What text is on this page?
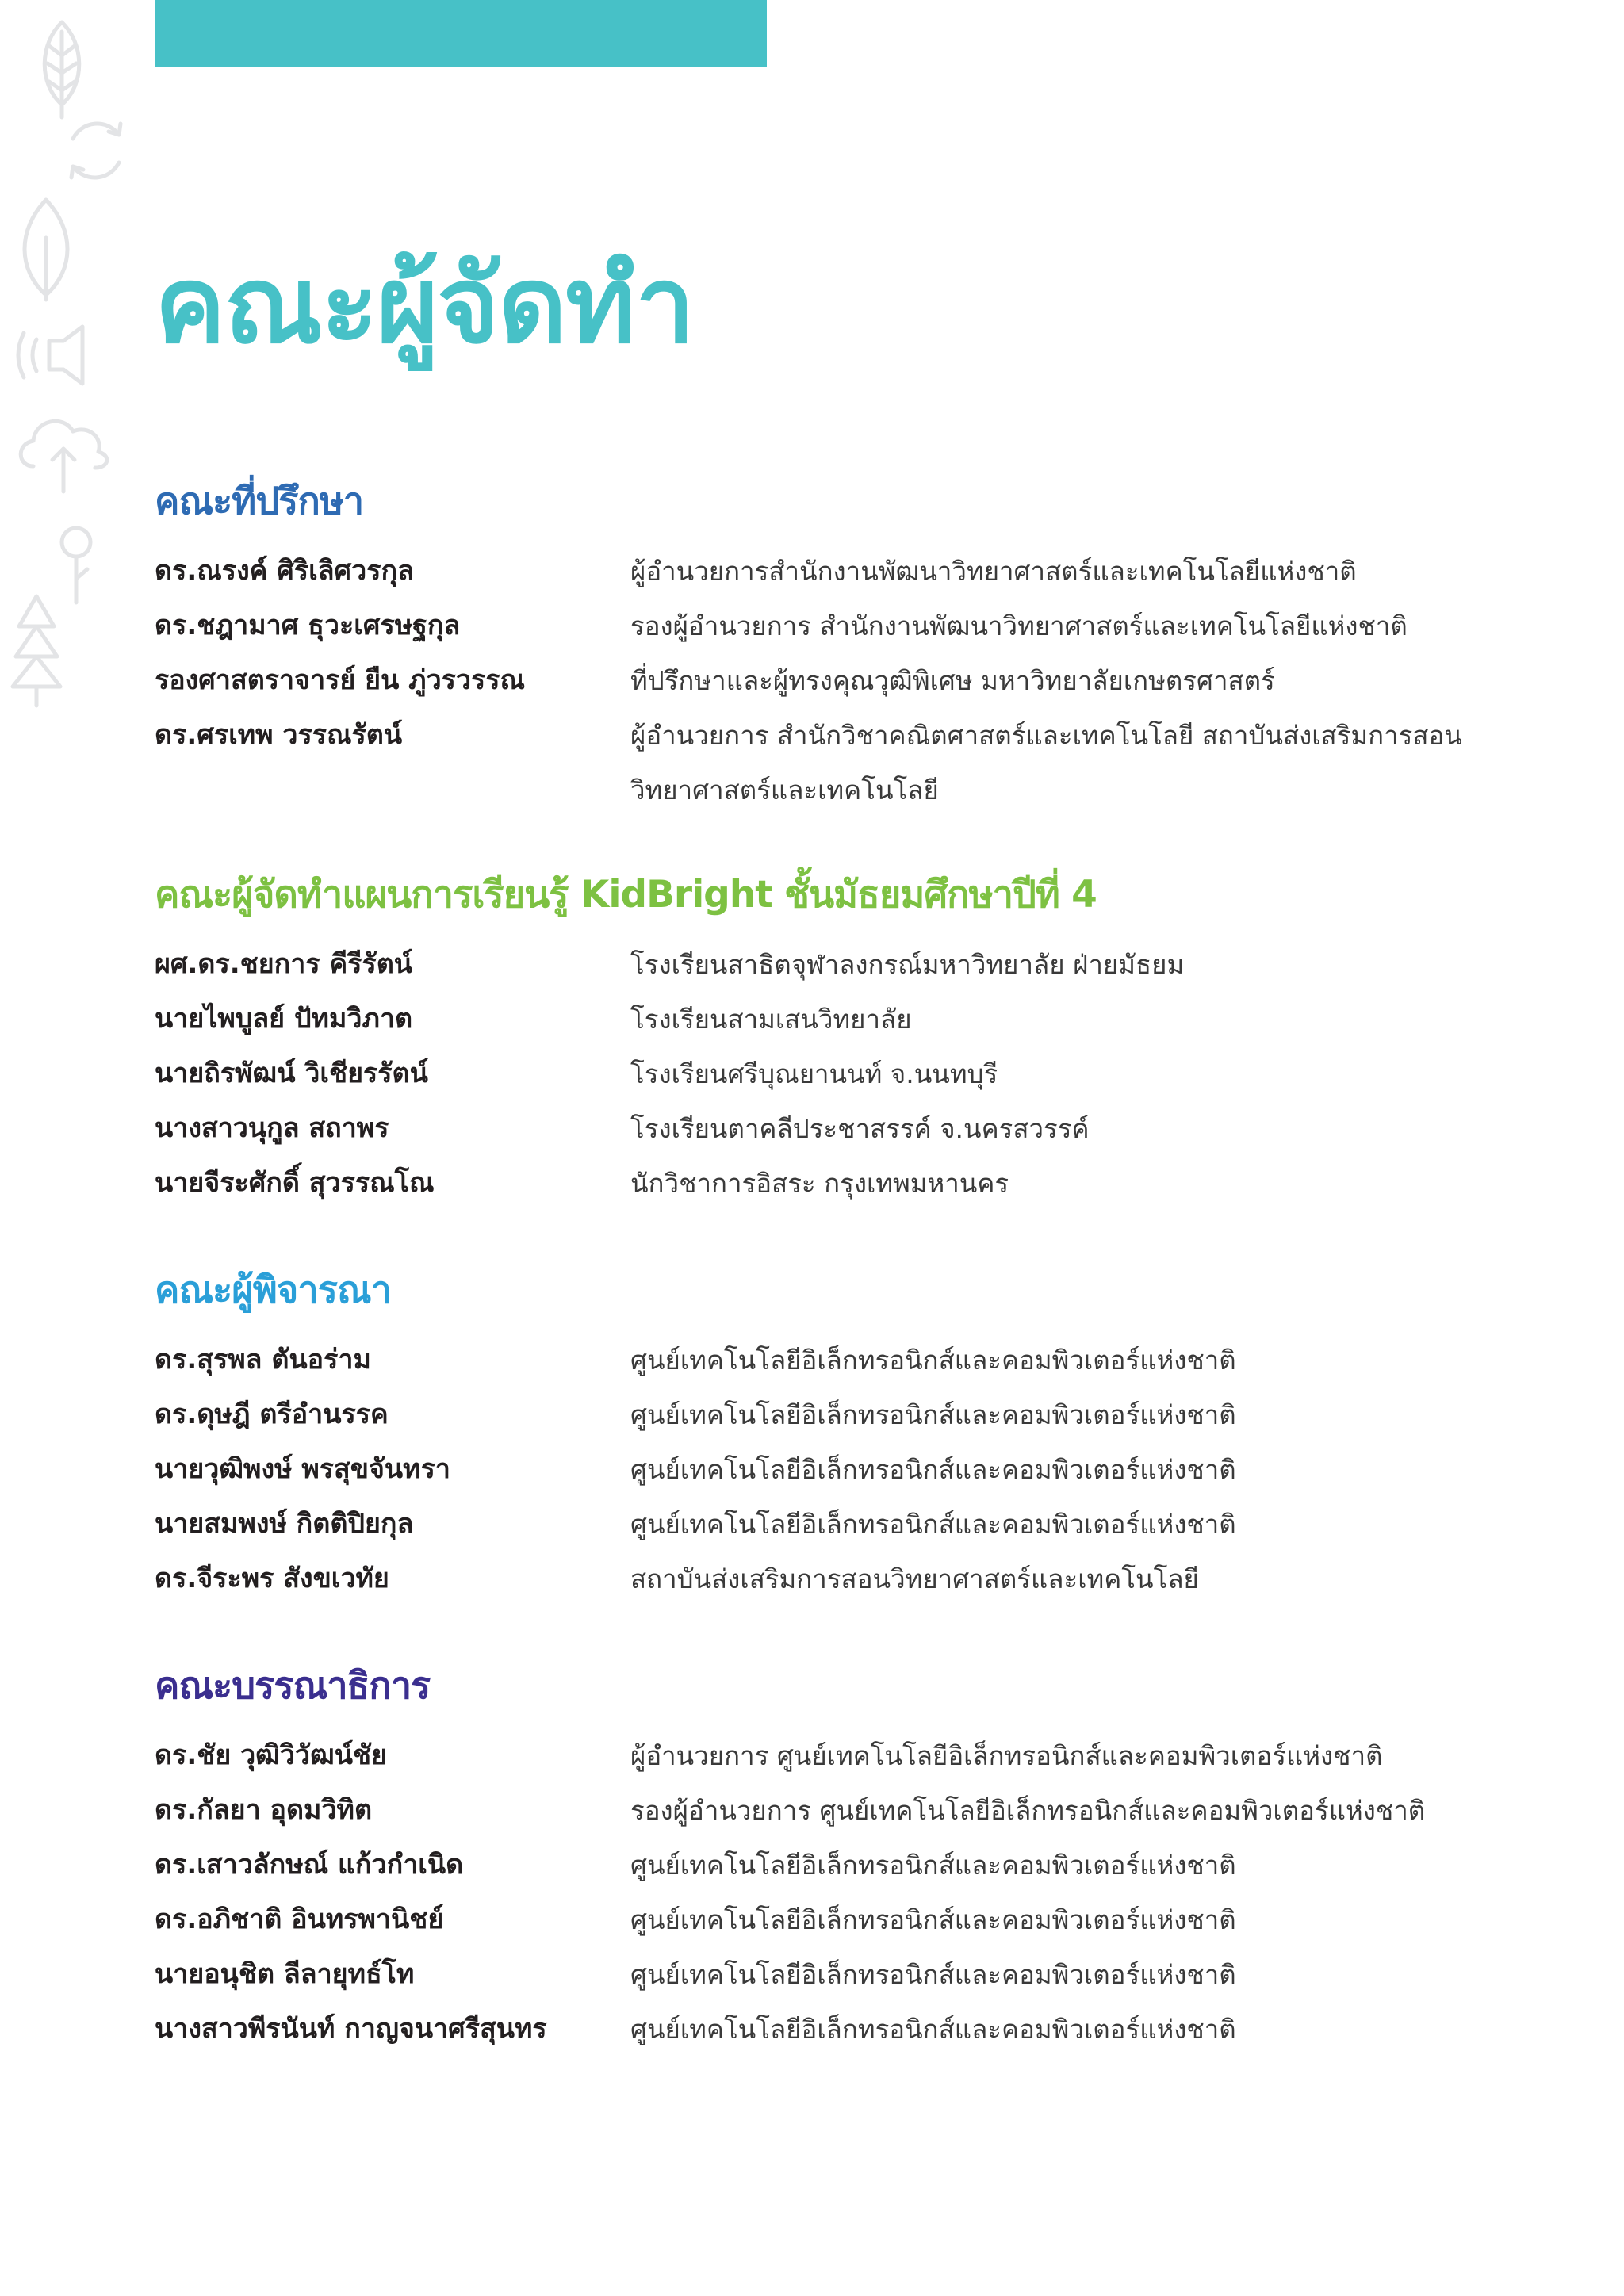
คณะผู้จัดทำ
คณะที่ปรึกษา
ดร.ณรงค์ ศิริเลิศวรกุล	ผู้อำนวยการสำนักงานพัฒนาวิทยาศาสตร์และเทคโนโลยีแห่งชาติ
ดร.ชฎามาศ ธุวะเศรษฐกุล	รองผู้อำนวยการ สำนักงานพัฒนาวิทยาศาสตร์และเทคโนโลยีแห่งชาติ
รองศาสตราจารย์ ยืน ภู่วรวรรณ	ที่ปรึกษาและผู้ทรงคุณวุฒิพิเศษ มหาวิทยาลัยเกษตรศาสตร์
ดร.ศรเทพ วรรณรัตน์	ผู้อำนวยการ สำนักวิชาคณิตศาสตร์และเทคโนโลยี สถาบันส่งเสริมการสอนวิทยาศาสตร์และเทคโนโลยี
คณะผู้จัดทำแผนการเรียนรู้ KidBright ชั้นมัธยมศึกษาปีที่ 4
ผศ.ดร.ชยการ คีรีรัตน์	โรงเรียนสาธิตจุฬาลงกรณ์มหาวิทยาลัย ฝ่ายมัธยม
นายไพบูลย์ ปัทมวิภาต	โรงเรียนสามเสนวิทยาลัย
นายถิรพัฒน์ วิเชียรรัตน์	โรงเรียนศรีบุณยานนท์ จ.นนทบุรี
นางสาวนุกูล สถาพร	โรงเรียนตาคลีประชาสรรค์ จ.นครสวรรค์
นายจีระศักดิ์ สุวรรณโณ	นักวิชาการอิสระ กรุงเทพมหานคร
คณะผู้พิจารณา
ดร.สุรพล ตันอร่าม	ศูนย์เทคโนโลยีอิเล็กทรอนิกส์และคอมพิวเตอร์แห่งชาติ
ดร.ดุษฎี ตรีอำนรรค	ศูนย์เทคโนโลยีอิเล็กทรอนิกส์และคอมพิวเตอร์แห่งชาติ
นายวุฒิพงษ์ พรสุขจันทรา	ศูนย์เทคโนโลยีอิเล็กทรอนิกส์และคอมพิวเตอร์แห่งชาติ
นายสมพงษ์ กิตติปิยกุล	ศูนย์เทคโนโลยีอิเล็กทรอนิกส์และคอมพิวเตอร์แห่งชาติ
ดร.จีระพร สังขเวทัย	สถาบันส่งเสริมการสอนวิทยาศาสตร์และเทคโนโลยี
คณะบรรณาธิการ
ดร.ชัย วุฒิวิวัฒน์ชัย	ผู้อำนวยการ ศูนย์เทคโนโลยีอิเล็กทรอนิกส์และคอมพิวเตอร์แห่งชาติ
ดร.กัลยา อุดมวิทิต	รองผู้อำนวยการ ศูนย์เทคโนโลยีอิเล็กทรอนิกส์และคอมพิวเตอร์แห่งชาติ
ดร.เสาวลักษณ์ แก้วกำเนิด	ศูนย์เทคโนโลยีอิเล็กทรอนิกส์และคอมพิวเตอร์แห่งชาติ
ดร.อภิชาติ อินทรพานิชย์	ศูนย์เทคโนโลยีอิเล็กทรอนิกส์และคอมพิวเตอร์แห่งชาติ
นายอนุชิต ลีลายุทธ์โท	ศูนย์เทคโนโลยีอิเล็กทรอนิกส์และคอมพิวเตอร์แห่งชาติ
นางสาวพีรนันท์ กาญจนาศรีสุนทร	ศูนย์เทคโนโลยีอิเล็กทรอนิกส์และคอมพิวเตอร์แห่งชาติ
